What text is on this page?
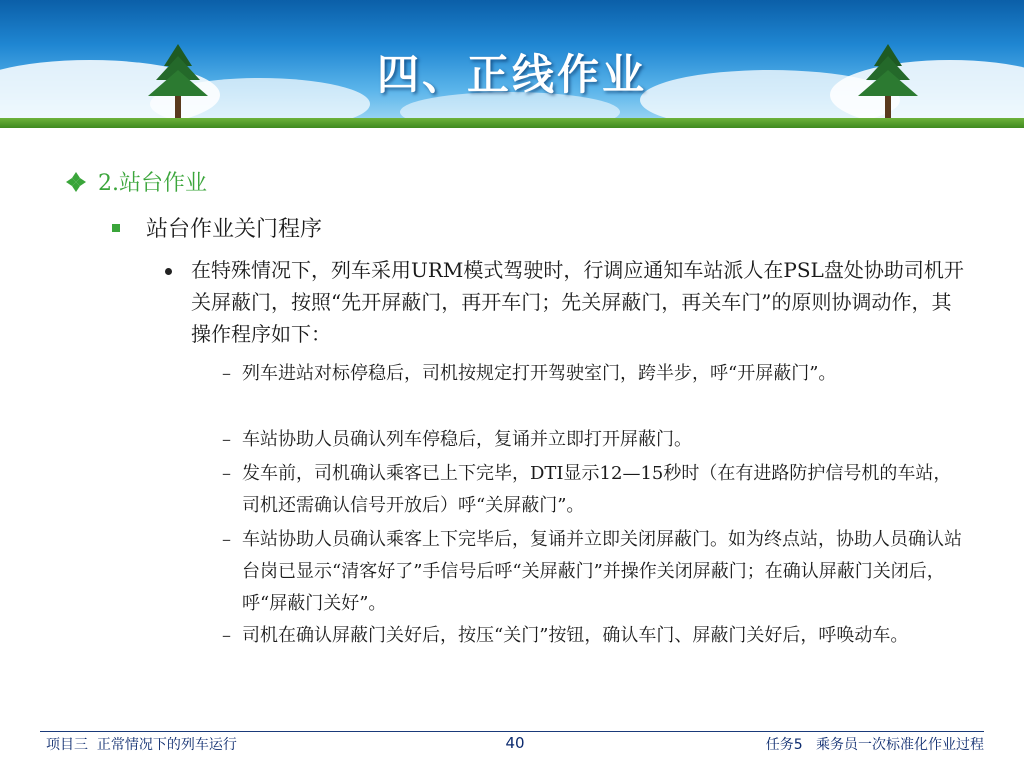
四、正线作业
2.站台作业
站台作业关门程序
在特殊情况下，列车采用URM模式驾驶时，行调应通知车站派人在PSL盘处协助司机开关屏蔽门，按照“先开屏蔽门，再开车门；先关屏蔽门，再关车门”的原则协调动作，其操作程序如下：
– 列车进站对标停稳后，司机按规定打开驾驶室门，跨半步，呼“开屏蔽门”。
– 车站协助人员确认列车停稳后，复诵并立即打开屏蔽门。
– 发车前，司机确认乘客已上下完毕，DTI显示12—15秒时（在有进路防护信号机的车站，司机还需确认信号开放后）呼“关屏蔽门”。
– 车站协助人员确认乘客上下完毕后，复诵并立即关闭屏蔽门。如为终点站，协助人员确认站台岗已显示“清客好了”手信号后呼“关屏蔽门”并操作关闭屏蔽门；在确认屏蔽门关闭后，呼“屏蔽门关好”。
– 司机在确认屏蔽门关好后，按压“关门”按钮，确认车门、屏蔽门关好后，呼唤动车。
项目三  正常情况下的列车运行	40	任务5   乘务员一次标准化作业过程
